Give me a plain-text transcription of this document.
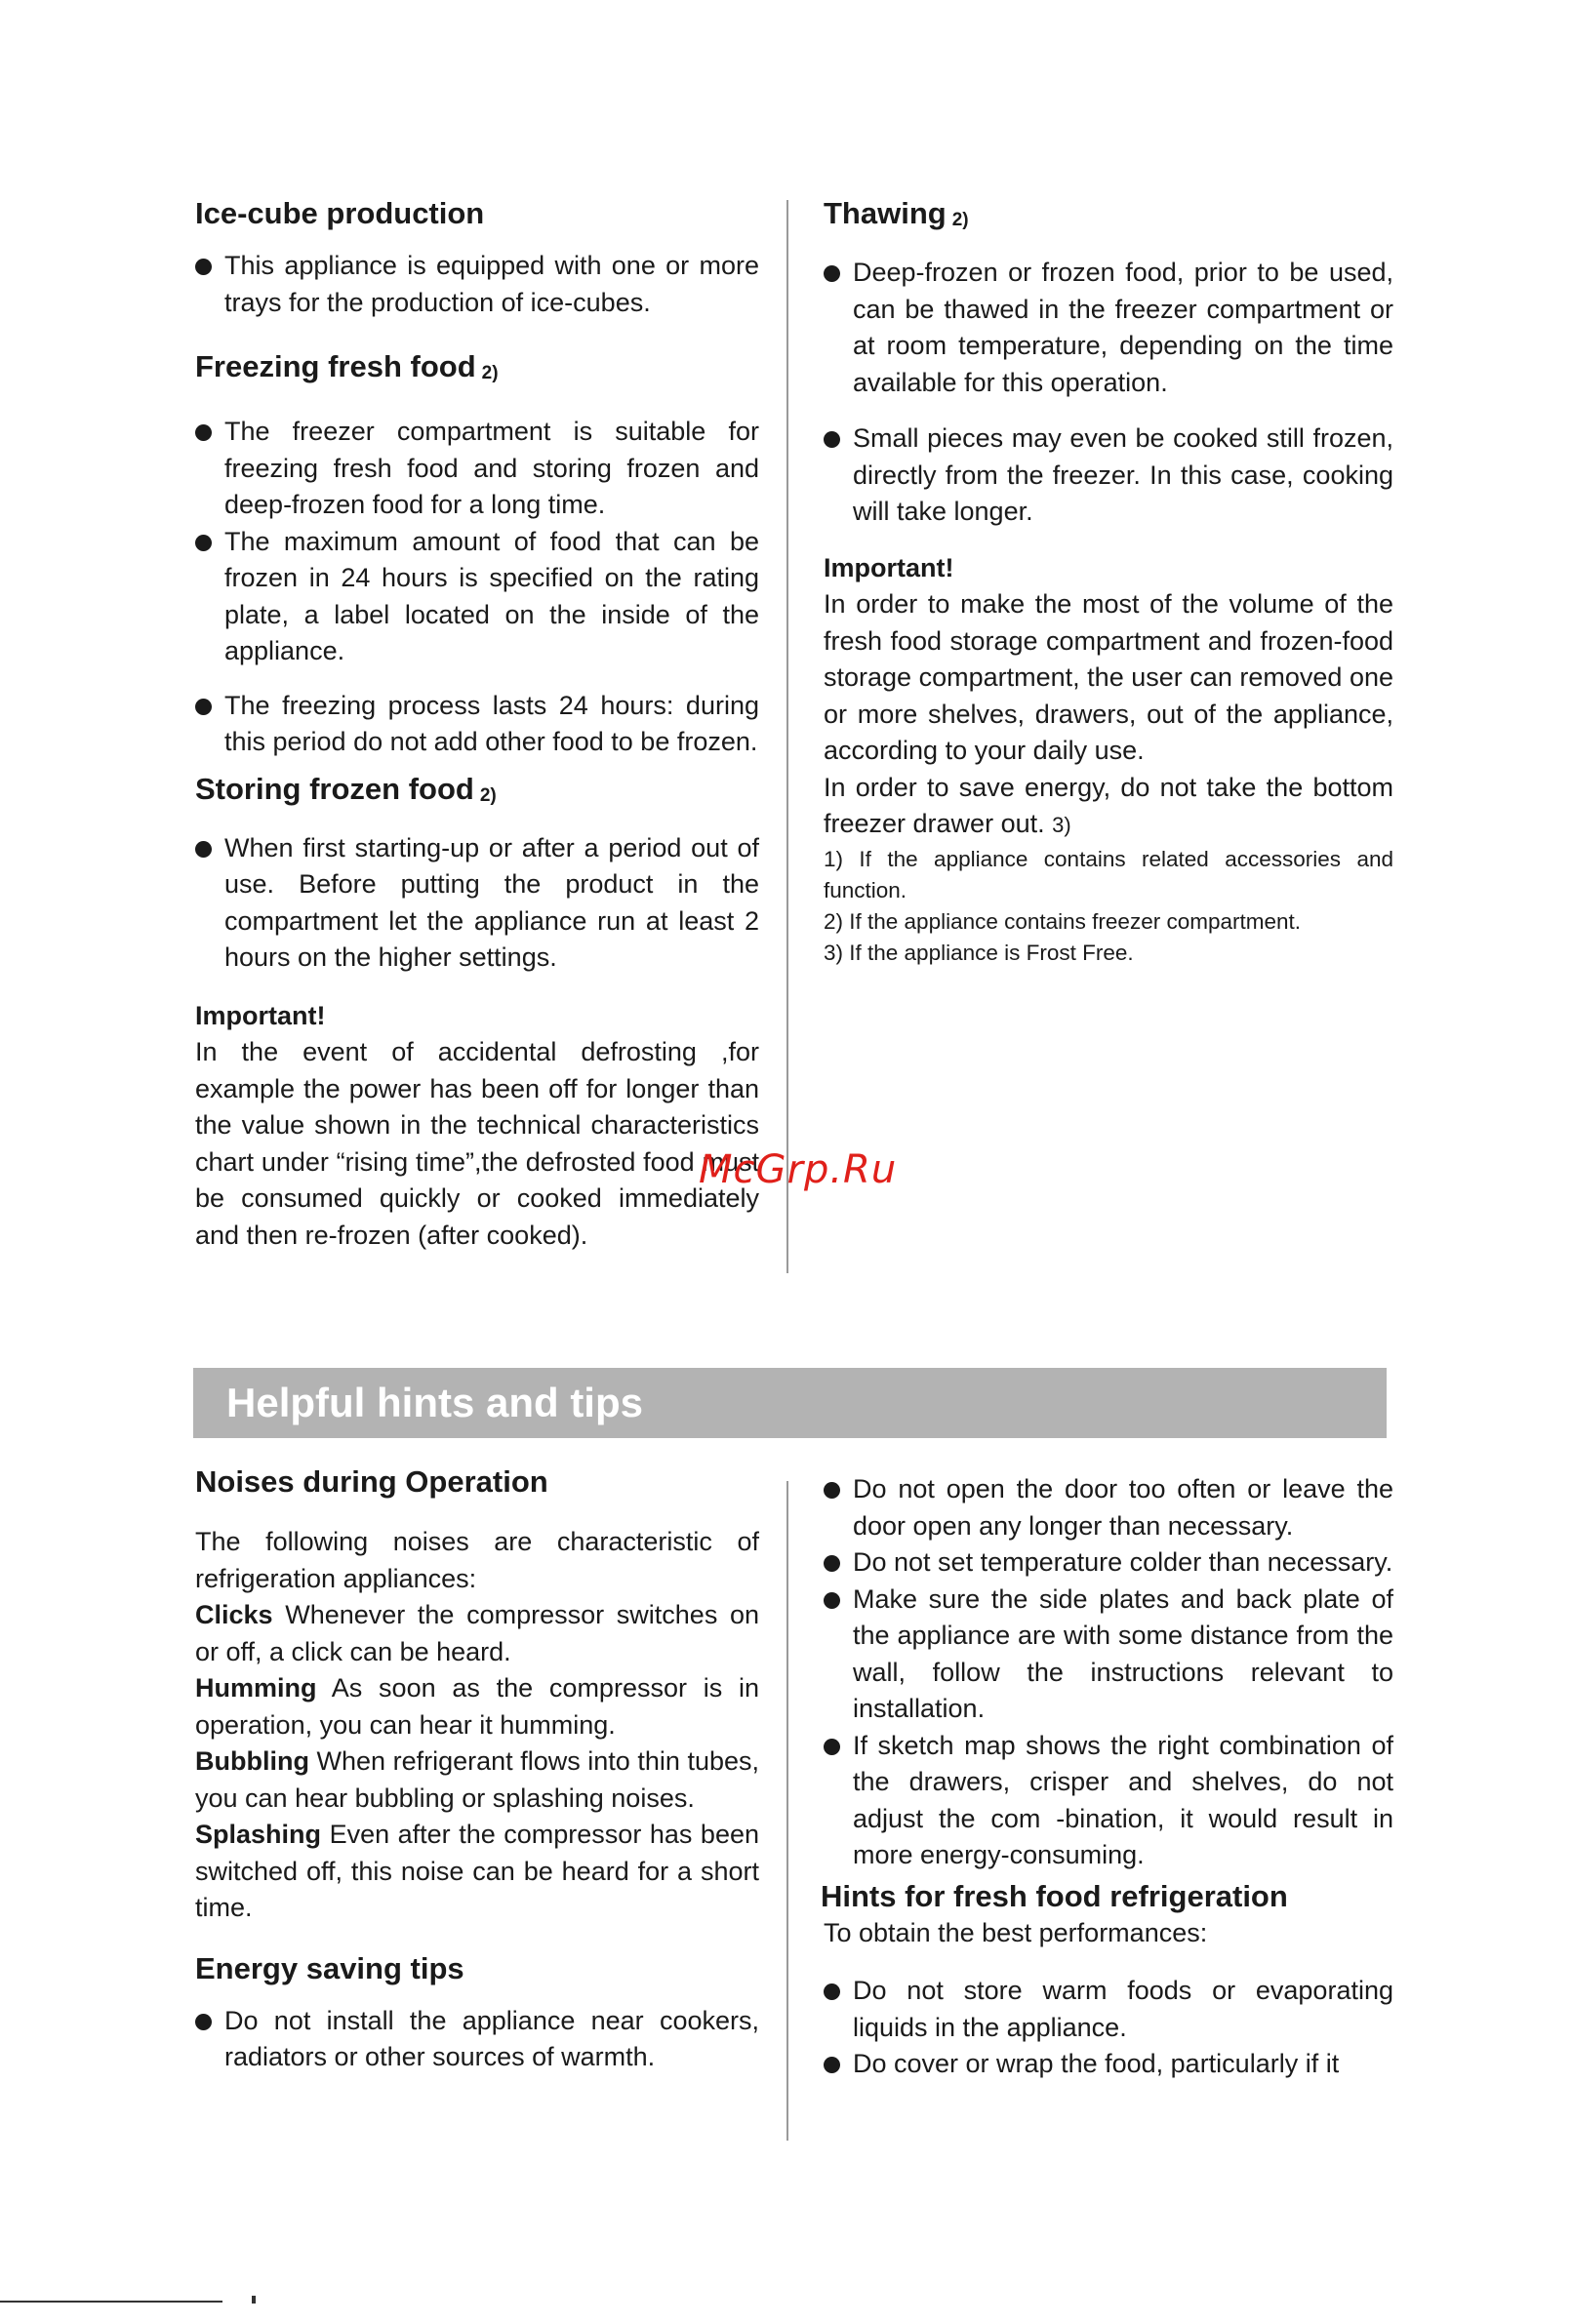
Ice-cube production

This appliance is equipped with one or more trays for the production of ice-cubes.

Freezing fresh food 2)

The freezer compartment is suitable for freezing fresh food and storing frozen and deep-frozen food for a long time.

The maximum amount of food that can be frozen in 24 hours is specified on the rating plate, a label located on the inside of the appliance.

The freezing process lasts 24 hours: during this period do not add other food to be frozen.

Storing frozen food 2)

When first starting-up or after a period out of use. Before putting the product in the compartment let the appliance run at least 2 hours on the higher settings.

Important!

In the event of accidental defrosting ,for example the power has been off for longer than the value shown in the technical characteristics chart under “rising time”,the defrosted food must be consumed quickly or cooked immediately and then re-frozen (after cooked).

Thawing 2)

Deep-frozen or frozen food, prior to be used, can be thawed in the freezer compartment or at room temperature, depending on the time available for this operation.

Small pieces may even be cooked still frozen, directly from the freezer. In this case, cooking will take longer.

Important!

In order to make the most of the volume of the fresh food storage compartment and frozen-food storage compartment, the user can removed one or more shelves, drawers, out of the appliance, according to your daily use.

In order to save energy, do not take the bottom freezer drawer out. 3)

1) If the appliance contains related accessories and function.

2) If the appliance contains freezer compartment.

3) If the appliance is Frost Free.

Helpful hints and tips
Noises during Operation

The following noises are characteristic of refrigeration appliances:

Clicks Whenever the compressor switches on or off, a click can be heard.

Humming As soon as the compressor is in operation, you can hear it humming.

Bubbling When refrigerant flows into thin tubes, you can hear bubbling or splashing noises.

Splashing Even after the compressor has been switched off, this noise can be heard for a short time.

Energy saving tips

Do not install the appliance near cookers, radiators or other sources of warmth.

Do not open the door too often or leave the door open any longer than necessary.

Do not set temperature colder than necessary.

Make sure the side plates and back plate of the appliance are with some distance from the wall, follow the instructions relevant to installation.

If sketch map shows the right combination of the drawers, crisper and shelves, do not adjust the com -bination, it would result in more energy-consuming.

Hints for fresh food refrigeration

To obtain the best performances:

Do not store warm foods or evaporating liquids in the appliance.

Do cover or wrap the food, particularly if it

McGrp.Ru
